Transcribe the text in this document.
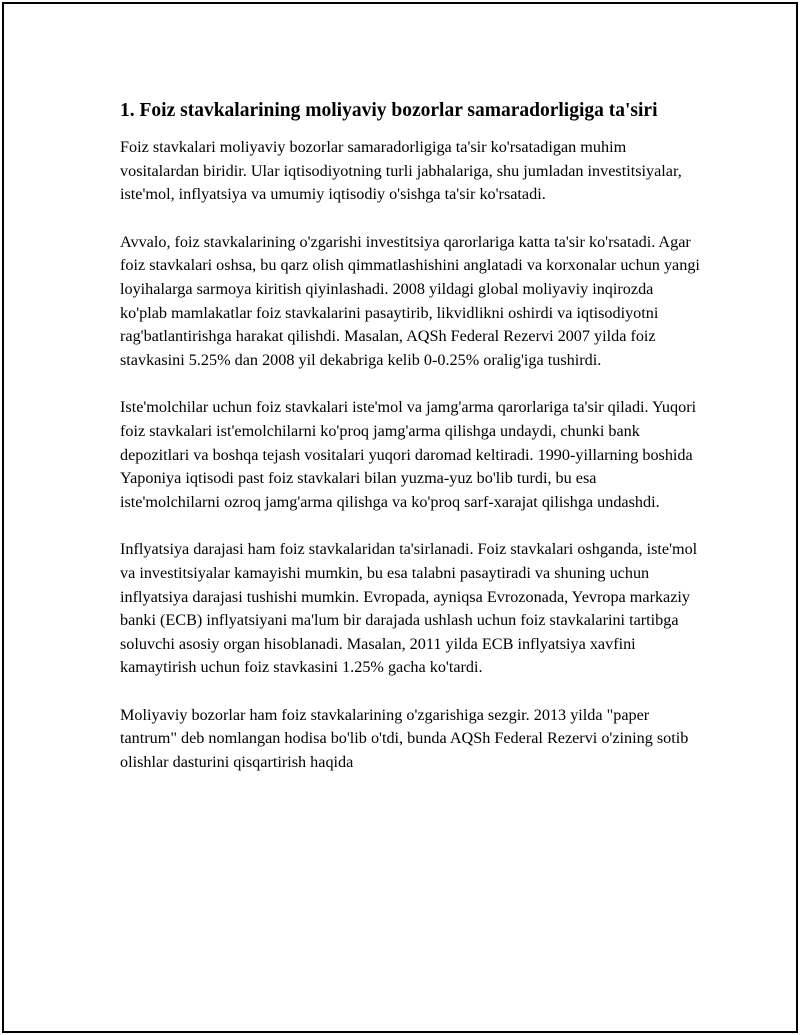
1. Foiz stavkalarining moliyaviy bozorlar samaradorligiga ta'siri

Foiz stavkalari moliyaviy bozorlar samaradorligiga ta'sir ko'rsatadigan muhim vositalardan biridir. Ular iqtisodiyotning turli jabhalariga, shu jumladan investitsiyalar, iste'mol, inflyatsiya va umumiy iqtisodiy o'sishga ta'sir ko'rsatadi.

Avvalo, foiz stavkalarining o'zgarishi investitsiya qarorlariga katta ta'sir ko'rsatadi. Agar foiz stavkalari oshsa, bu qarz olish qimmatlashishini anglatadi va korxonalar uchun yangi loyihalarga sarmoya kiritish qiyinlashadi. 2008 yildagi global moliyaviy inqirozda ko'plab mamlakatlar foiz stavkalarini pasaytirib, likvidlikni oshirdi va iqtisodiyotni rag'batlantirishga harakat qilishdi. Masalan, AQSh Federal Rezervi 2007 yilda foiz stavkasini 5.25% dan 2008 yil dekabriga kelib 0-0.25% oralig'iga tushirdi.

Iste'molchilar uchun foiz stavkalari iste'mol va jamg'arma qarorlariga ta'sir qiladi. Yuqori foiz stavkalari ist'emolchilarni ko'proq jamg'arma qilishga undaydi, chunki bank depozitlari va boshqa tejash vositalari yuqori daromad keltiradi. 1990-yillarning boshida Yaponiya iqtisodi past foiz stavkalari bilan yuzma-yuz bo'lib turdi, bu esa iste'molchilarni ozroq jamg'arma qilishga va ko'proq sarf-xarajat qilishga undashdi.

Inflyatsiya darajasi ham foiz stavkalaridan ta'sirlanadi. Foiz stavkalari oshganda, iste'mol va investitsiyalar kamayishi mumkin, bu esa talabni pasaytiradi va shuning uchun inflyatsiya darajasi tushishi mumkin. Evropada, ayniqsa Evrozonada, Yevropa markaziy banki (ECB) inflyatsiyani ma'lum bir darajada ushlash uchun foiz stavkalarini tartibga soluvchi asosiy organ hisoblanadi. Masalan, 2011 yilda ECB inflyatsiya xavfini kamaytirish uchun foiz stavkasini 1.25% gacha ko'tardi.

Moliyaviy bozorlar ham foiz stavkalarining o'zgarishiga sezgir. 2013 yilda "paper tantrum" deb nomlangan hodisa bo'lib o'tdi, bunda AQSh Federal Rezervi o'zining sotib olishlar dasturini qisqartirish haqida
